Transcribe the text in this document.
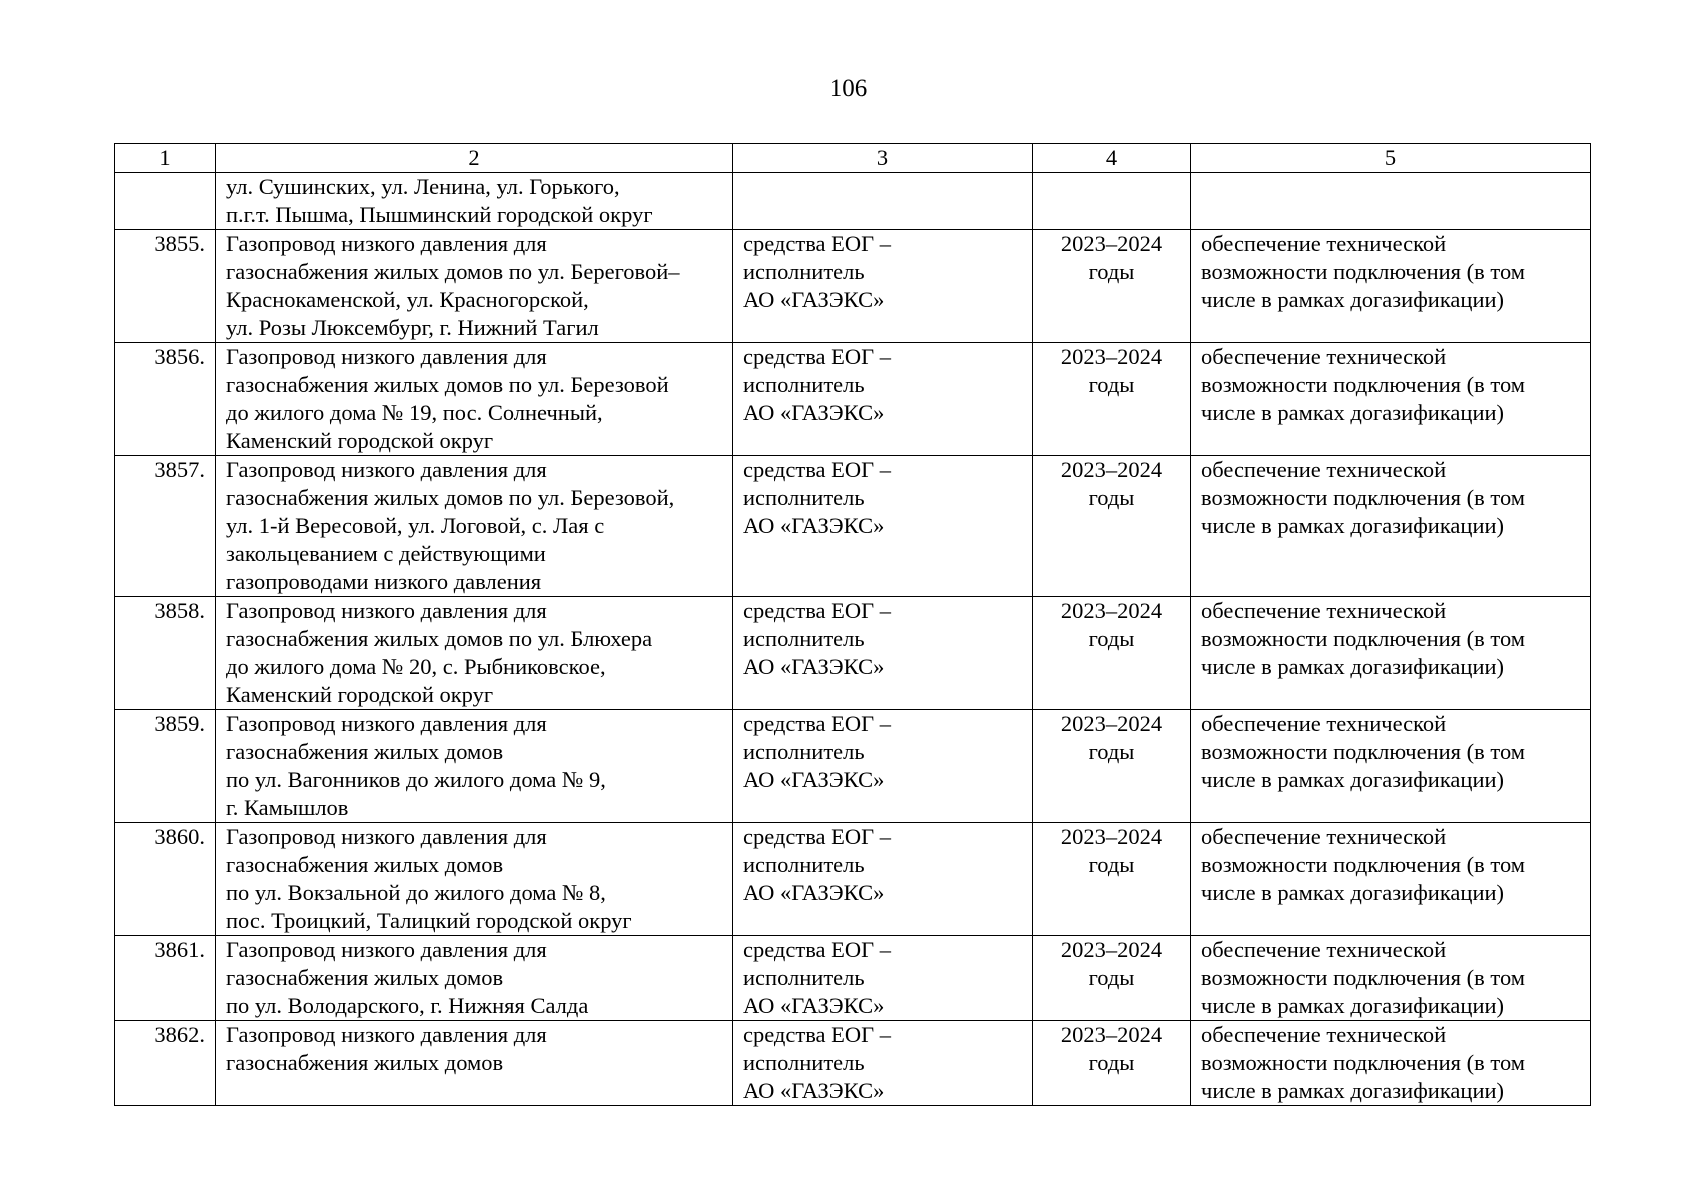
106
1	2	3	4	5

	ул. Сушинских, ул. Ленина, ул. Горького,
п.г.т. Пышма, Пышминский городской округ			

3855.	Газопровод низкого давления для
газоснабжения жилых домов по ул. Береговой–
Краснокаменской, ул. Красногорской,
ул. Розы Люксембург, г. Нижний Тагил	средства ЕОГ –
исполнитель
АО «ГАЗЭКС»	2023–2024
годы	обеспечение технической
возможности подключения (в том
числе в рамках догазификации)

3856.	Газопровод низкого давления для
газоснабжения жилых домов по ул. Березовой
до жилого дома № 19, пос. Солнечный,
Каменский городской округ	средства ЕОГ –
исполнитель
АО «ГАЗЭКС»	2023–2024
годы	обеспечение технической
возможности подключения (в том
числе в рамках догазификации)

3857.	Газопровод низкого давления для
газоснабжения жилых домов по ул. Березовой,
ул. 1-й Вересовой, ул. Логовой, с. Лая с
закольцеванием с действующими
газопроводами низкого давления	средства ЕОГ –
исполнитель
АО «ГАЗЭКС»	2023–2024
годы	обеспечение технической
возможности подключения (в том
числе в рамках догазификации)

3858.	Газопровод низкого давления для
газоснабжения жилых домов по ул. Блюхера
до жилого дома № 20, с. Рыбниковское,
Каменский городской округ	средства ЕОГ –
исполнитель
АО «ГАЗЭКС»	2023–2024
годы	обеспечение технической
возможности подключения (в том
числе в рамках догазификации)

3859.	Газопровод низкого давления для
газоснабжения жилых домов
по ул. Вагонников до жилого дома № 9,
г. Камышлов	средства ЕОГ –
исполнитель
АО «ГАЗЭКС»	2023–2024
годы	обеспечение технической
возможности подключения (в том
числе в рамках догазификации)

3860.	Газопровод низкого давления для
газоснабжения жилых домов
по ул. Вокзальной до жилого дома № 8,
пос. Троицкий, Талицкий городской округ	средства ЕОГ –
исполнитель
АО «ГАЗЭКС»	2023–2024
годы	обеспечение технической
возможности подключения (в том
числе в рамках догазификации)

3861.	Газопровод низкого давления для
газоснабжения жилых домов
по ул. Володарского, г. Нижняя Салда	средства ЕОГ –
исполнитель
АО «ГАЗЭКС»	2023–2024
годы	обеспечение технической
возможности подключения (в том
числе в рамках догазификации)

3862.	Газопровод низкого давления для
газоснабжения жилых домов	средства ЕОГ –
исполнитель
АО «ГАЗЭКС»	2023–2024
годы	обеспечение технической
возможности подключения (в том
числе в рамках догазификации)
